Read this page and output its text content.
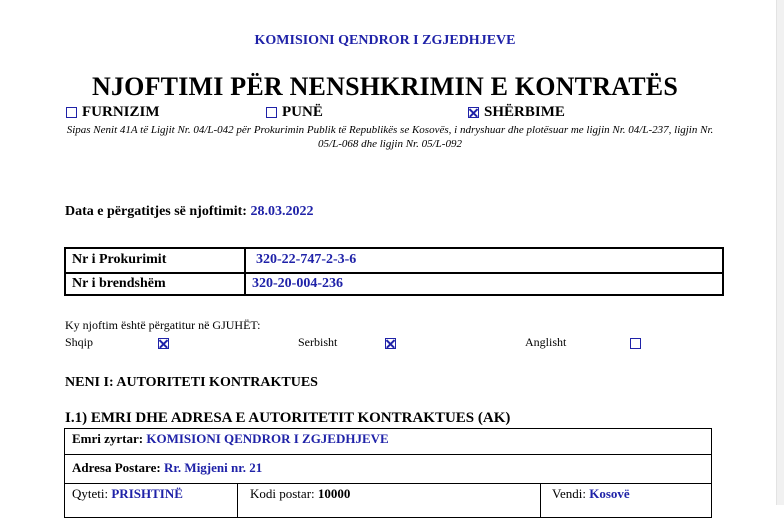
KOMISIONI QENDROR I ZGJEDHJEVE
NJOFTIMI PËR NENSHKRIMIN E KONTRATËS
FURNIZIM	PUNË	SHËRBIME
Sipas Nenit 41A të Ligjit Nr. 04/L-042 për Prokurimin Publik të Republikës se Kosovës, i ndryshuar dhe plotësuar me ligjin Nr. 04/L-237, ligjin Nr. 05/L-068 dhe ligjin Nr. 05/L-092
Data e përgatitjes së njoftimit: 28.03.2022
Nr i Prokurimit	320-22-747-2-3-6
Nr i brendshëm	320-20-004-236
Ky njoftim është përgatitur në GJUHËT:
Shqip
	Serbisht
	Anglisht
NENI I: AUTORITETI KONTRAKTUES
I.1) EMRI DHE ADRESA E AUTORITETIT KONTRAKTUES (AK)
Emri zyrtar: KOMISIONI QENDROR I ZGJEDHJEVE
Adresa Postare: Rr. Migjeni nr. 21
Qyteti: PRISHTINË	Kodi postar: 10000	Vendi: Kosovë
